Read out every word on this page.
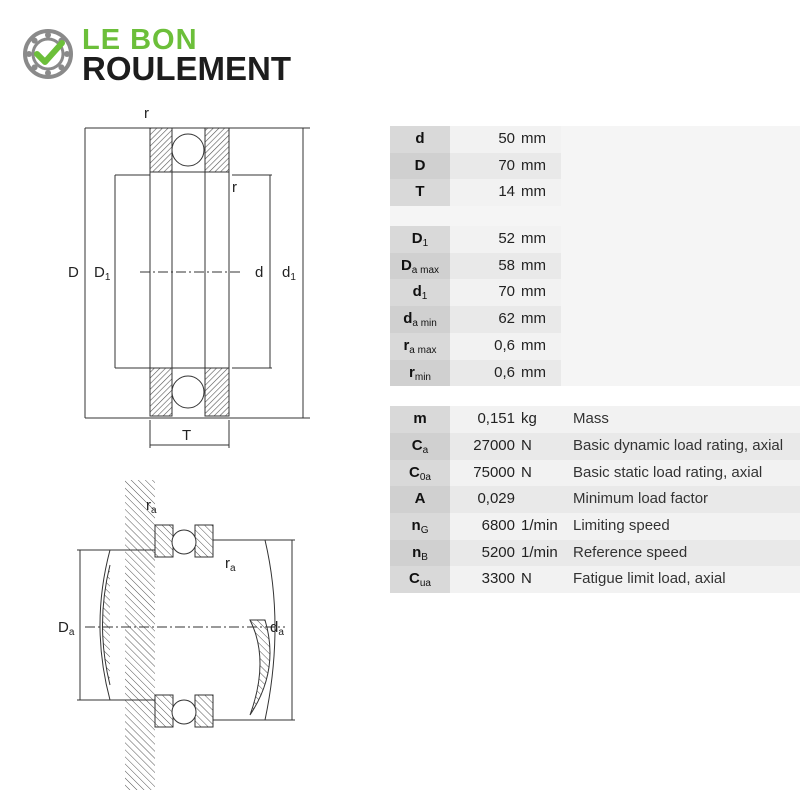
LE BON
ROULEMENT
r
r
D $D_1$	d $d_1$
T
$r_a$
$r_a$
$D_a$	$d_a$
d	50 mm
D	70 mm
T	14 mm
$D_1$	52 mm
$D_{a max}$	58 mm
$d_1$	70 mm
$d_{a min}$	62 mm
$r_{a max}$	0,6 mm
$r_{min}$	0,6 mm
m	0,151 kg	Mass
$C_a$	27000 N	Basic dynamic load rating, axial
$C_{0a}$	75000 N	Basic static load rating, axial
A	0,029	Minimum load factor
$n_G$	6800 1/min	Limiting speed
$n_B$	5200 1/min	Reference speed
$C_{ua}$	3300 N	Fatigue limit load, axial
